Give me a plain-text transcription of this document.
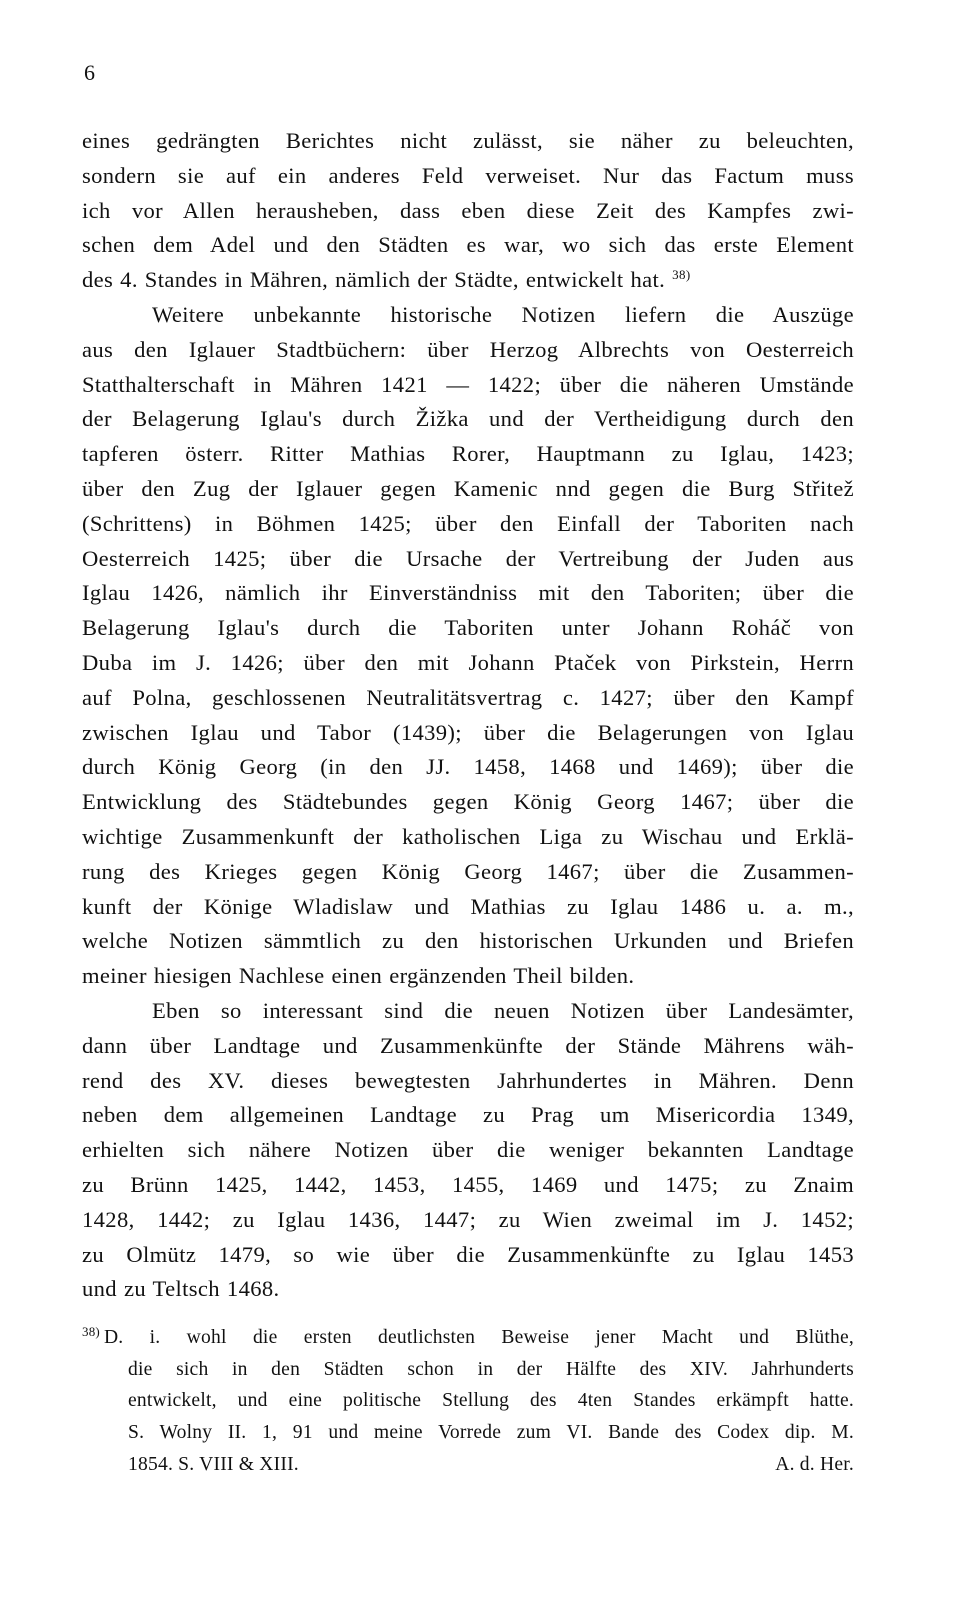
6
eines gedrängten Berichtes nicht zulässt, sie näher zu beleuchten,
sondern sie auf ein anderes Feld verweiset. Nur das Factum muss
ich vor Allen herausheben, dass eben diese Zeit des Kampfes zwi-
schen dem Adel und den Städten es war, wo sich das erste Element
des 4. Standes in Mähren, nämlich der Städte, entwickelt hat. $^{38)}$
Weitere unbekannte historische Notizen liefern die Auszüge
aus den Iglauer Stadtbüchern: über Herzog Albrechts von Oesterreich
Statthalterschaft in Mähren 1421 — 1422; über die näheren Umstände
der Belagerung Iglau's durch Žižka und der Vertheidigung durch den
tapferen österr. Ritter Mathias Rorer, Hauptmann zu Iglau, 1423;
über den Zug der Iglauer gegen Kamenic nnd gegen die Burg Střitež
(Schrittens) in Böhmen 1425; über den Einfall der Taboriten nach
Oesterreich 1425; über die Ursache der Vertreibung der Juden aus
Iglau 1426, nämlich ihr Einverständniss mit den Taboriten; über die
Belagerung Iglau's durch die Taboriten unter Johann Roháč von
Duba im J. 1426; über den mit Johann Ptaček von Pirkstein, Herrn
auf Polna, geschlossenen Neutralitätsvertrag c. 1427; über den Kampf
zwischen Iglau und Tabor (1439); über die Belagerungen von Iglau
durch König Georg (in den JJ. 1458, 1468 und 1469); über die
Entwicklung des Städtebundes gegen König Georg 1467; über die
wichtige Zusammenkunft der katholischen Liga zu Wischau und Erklä-
rung des Krieges gegen König Georg 1467; über die Zusammen-
kunft der Könige Wladislaw und Mathias zu Iglau 1486 u. a. m.,
welche Notizen sämmtlich zu den historischen Urkunden und Briefen
meiner hiesigen Nachlese einen ergänzenden Theil bilden.
Eben so interessant sind die neuen Notizen über Landesämter,
dann über Landtage und Zusammenkünfte der Stände Mährens wäh-
rend des XV. dieses bewegtesten Jahrhundertes in Mähren. Denn
neben dem allgemeinen Landtage zu Prag um Misericordia 1349,
erhielten sich nähere Notizen über die weniger bekannten Landtage
zu Brünn 1425, 1442, 1453, 1455, 1469 und 1475; zu Znaim
1428, 1442; zu Iglau 1436, 1447; zu Wien zweimal im J. 1452;
zu Olmütz 1479, so wie über die Zusammenkünfte zu Iglau 1453
und zu Teltsch 1468.
$^{38)}$ D. i. wohl die ersten deutlichsten Beweise jener Macht und Blüthe,
die sich in den Städten schon in der Hälfte des XIV. Jahrhunderts
entwickelt, und eine politische Stellung des 4ten Standes erkämpft hatte.
S. Wolny II. 1, 91 und meine Vorrede zum VI. Bande des Codex dip. M.
1854. S. VIII & XIII.	A. d. Her.
